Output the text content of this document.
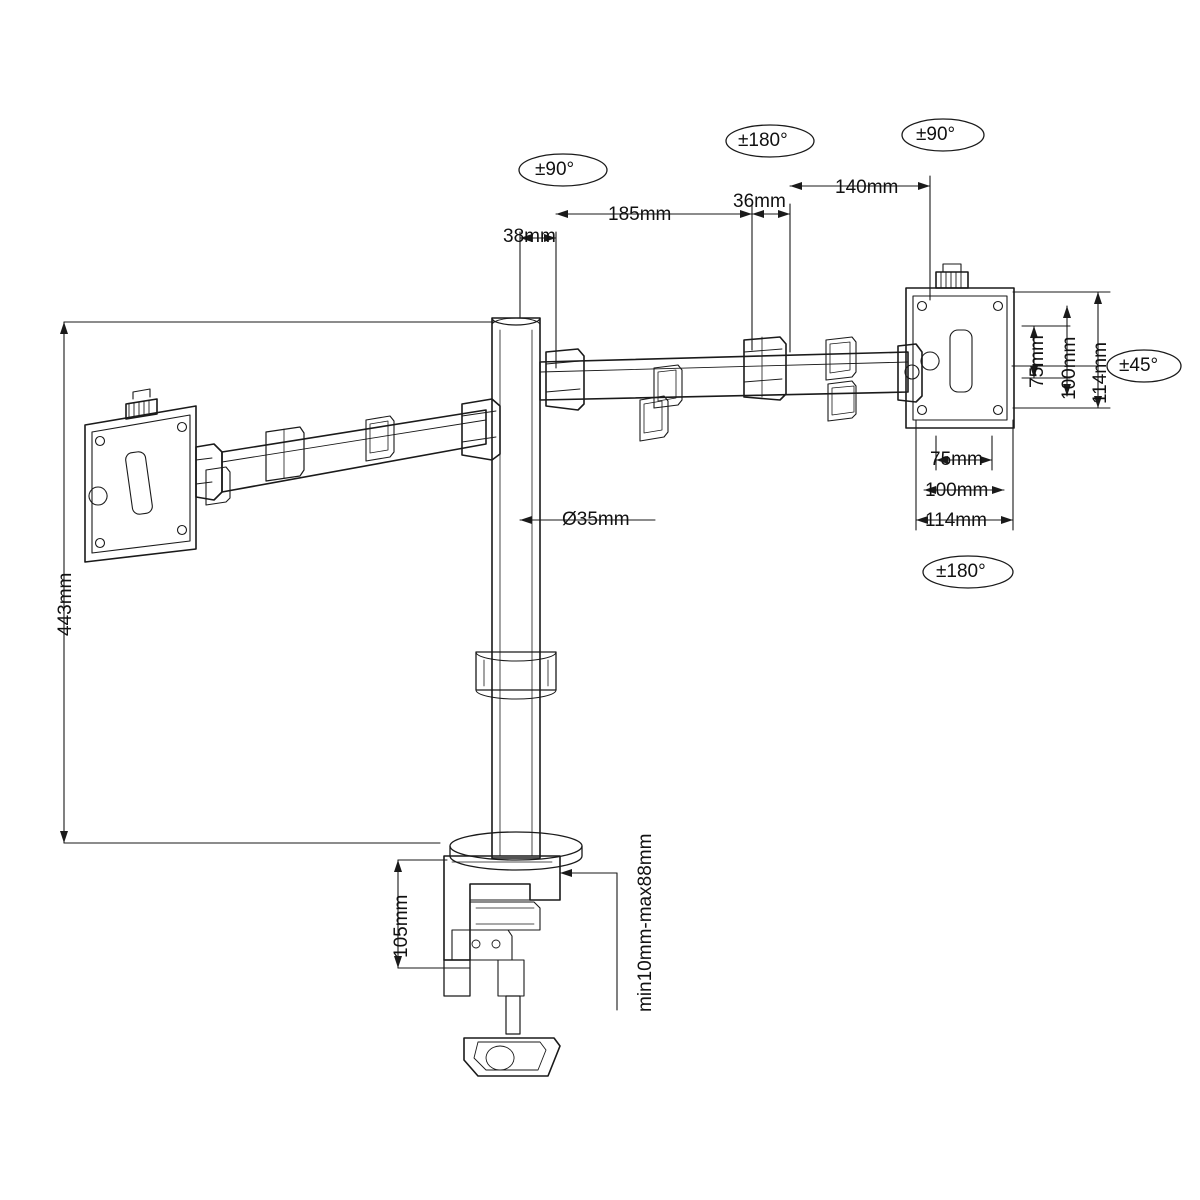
443mm
105mm
Ø35mm
min10mm-max88mm
38mm
185mm
36mm
140mm
75mm 100mm 114mm
75mm
100mm
114mm
±90°
±180°	±90°
±45°
±180°
